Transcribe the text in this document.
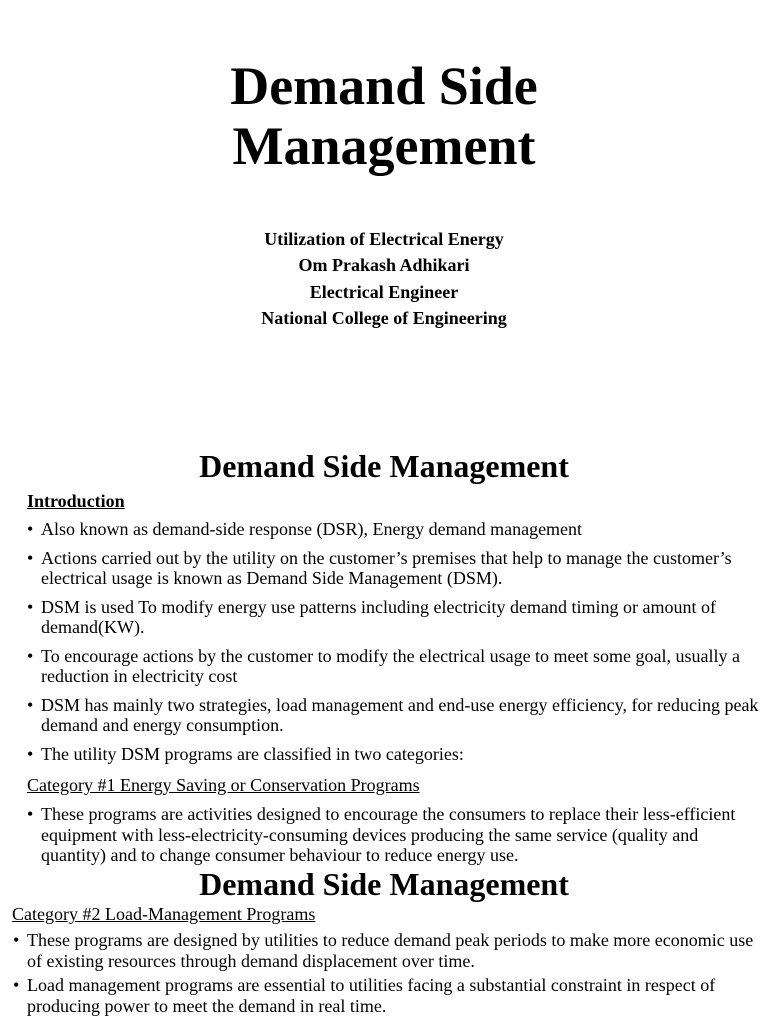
Demand Side
Management
Utilization of Electrical Energy
Om Prakash Adhikari
Electrical Engineer
National College of Engineering
Demand Side Management
Introduction
• Also known as demand-side response (DSR), Energy demand management
• Actions carried out by the utility on the customer’s premises that help to manage the customer’s electrical usage is known as Demand Side Management (DSM).
• DSM is used To modify energy use patterns including electricity demand timing or amount of demand(KW).
• To encourage actions by the customer to modify the electrical usage to meet some goal, usually a reduction in electricity cost
• DSM has mainly two strategies, load management and end-use energy efficiency, for reducing peak demand and energy consumption.
• The utility DSM programs are classified in two categories:
Category #1 Energy Saving or Conservation Programs
• These programs are activities designed to encourage the consumers to replace their less-efficient equipment with less-electricity-consuming devices producing the same service (quality and quantity) and to change consumer behaviour to reduce energy use.
Demand Side Management
Category #2 Load-Management Programs
• These programs are designed by utilities to reduce demand peak periods to make more economic use of existing resources through demand displacement over time.
• Load management programs are essential to utilities facing a substantial constraint in respect of producing power to meet the demand in real time.
